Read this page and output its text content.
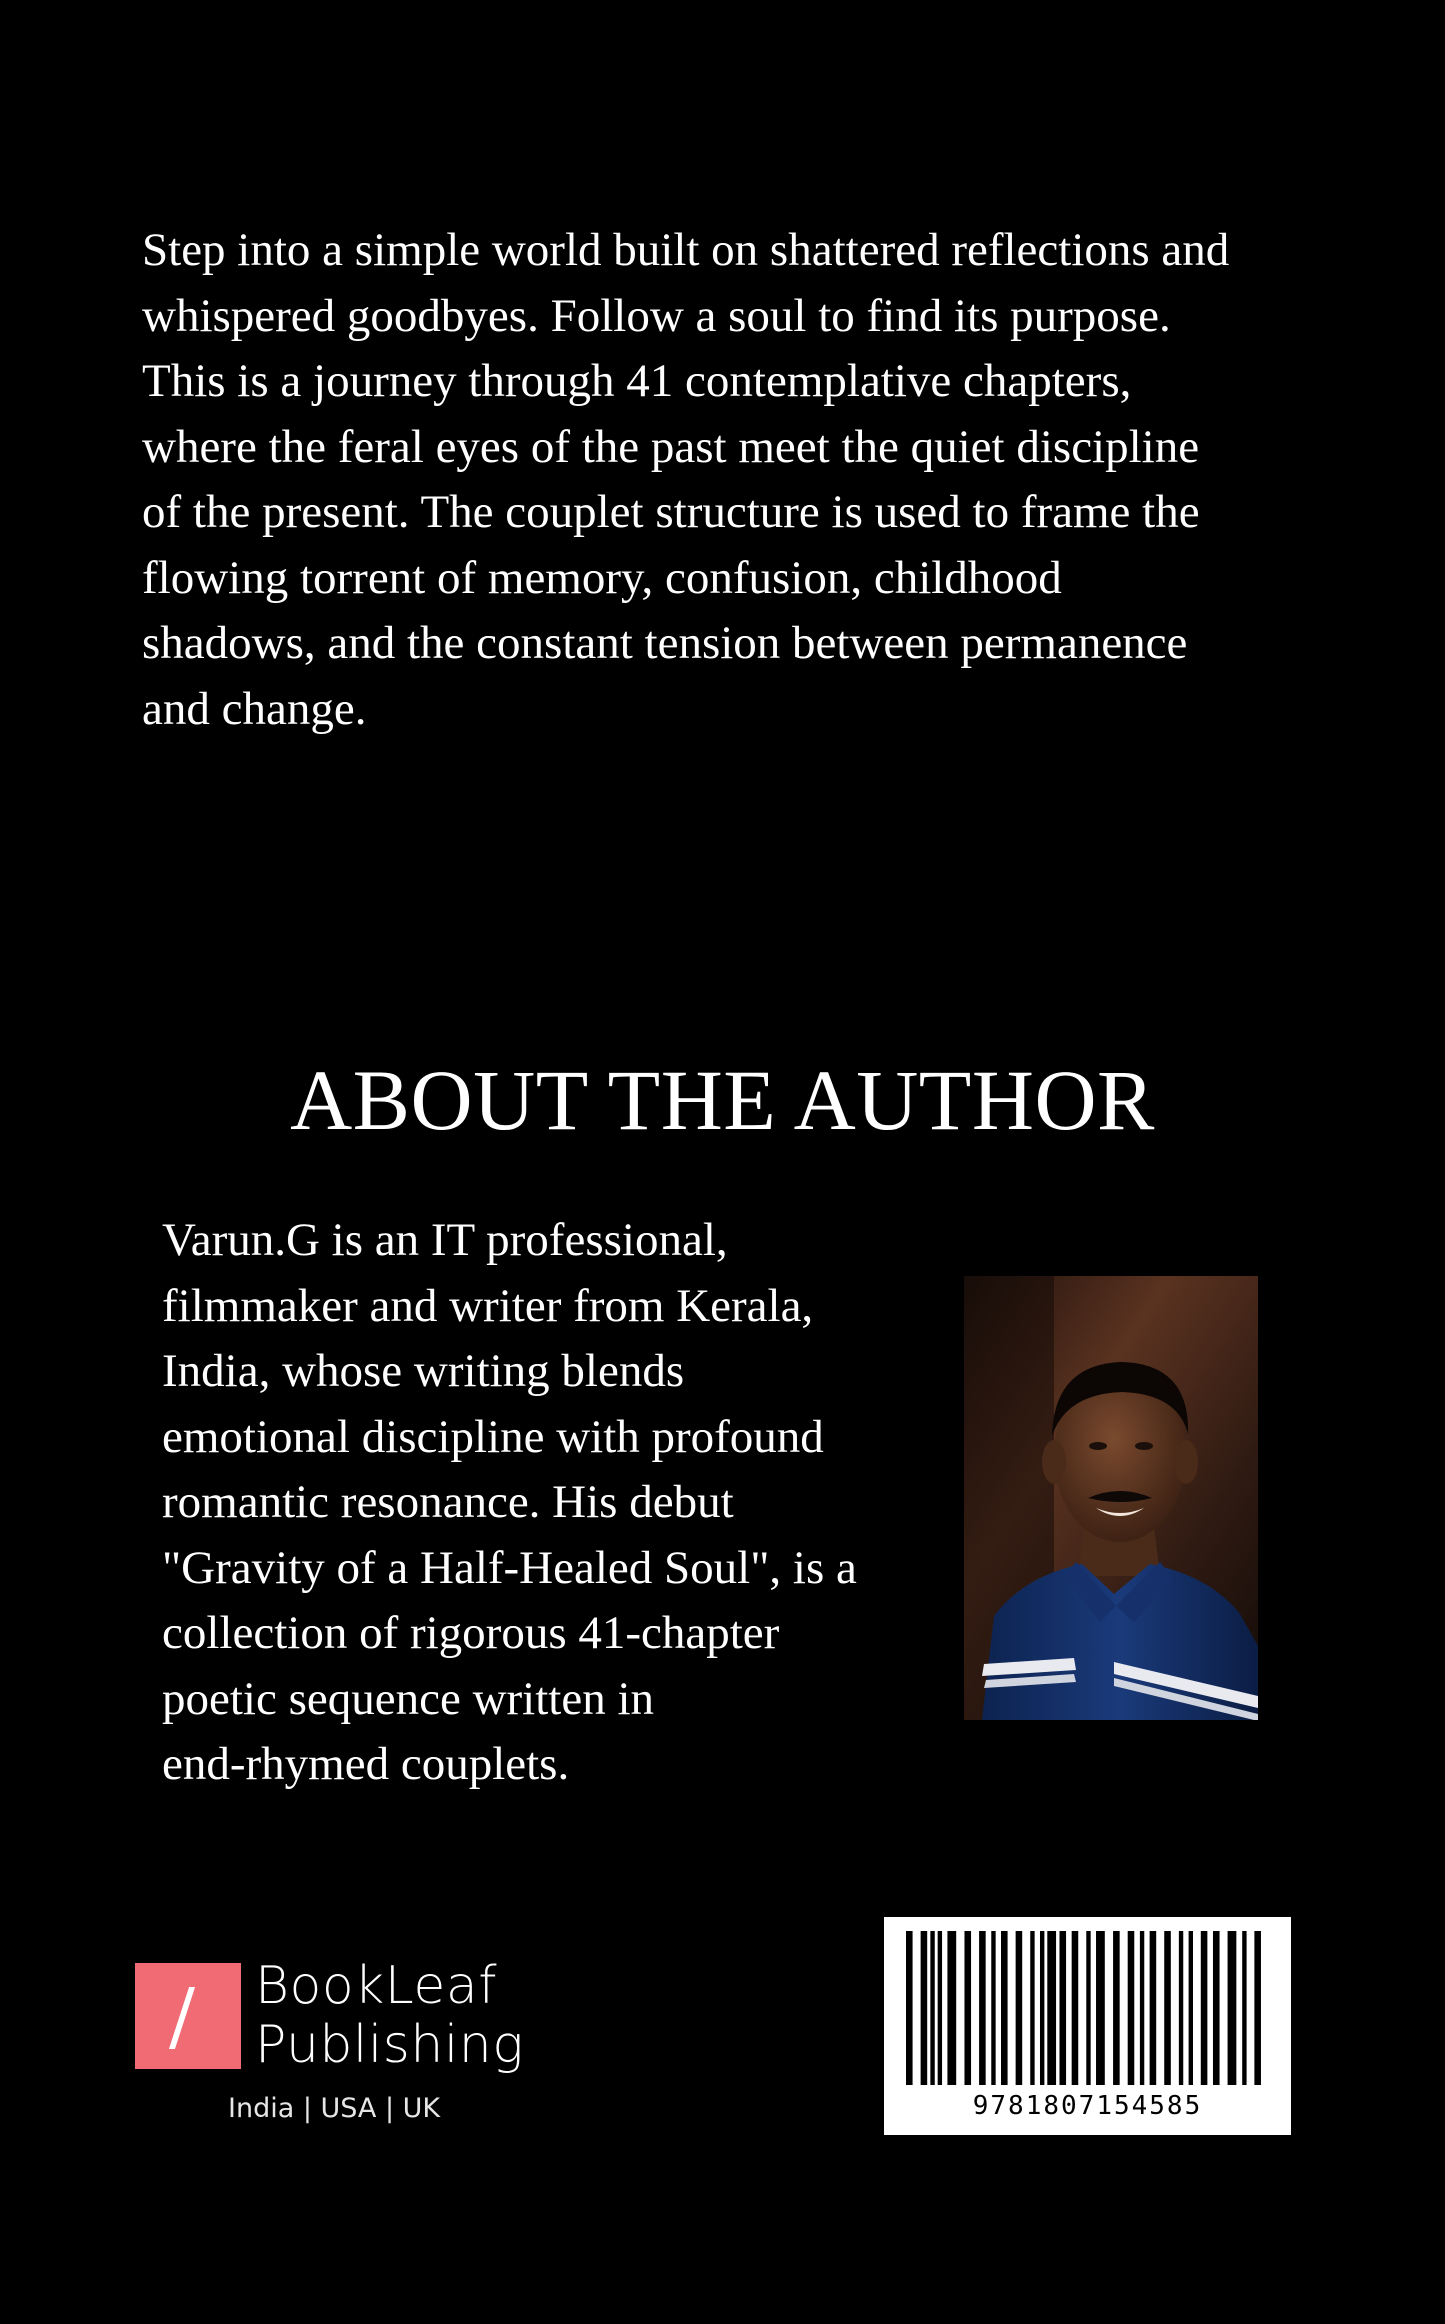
Step into a simple world built on shattered reflections and
whispered goodbyes. Follow a soul to find its purpose.
This is a journey through 41 contemplative chapters,
where the feral eyes of the past meet the quiet discipline
of the present. The couplet structure is used to frame the
flowing torrent of memory, confusion, childhood
shadows, and the constant tension between permanence
and change.
ABOUT THE AUTHOR
Varun.G is an IT professional,
filmmaker and writer from Kerala,
India, whose writing blends
emotional discipline with profound
romantic resonance. His debut
"Gravity of a Half-Healed Soul", is a
collection of rigorous 41-chapter
poetic sequence written in
end-rhymed couplets.
BookLeaf
Publishing
India | USA | UK	9781807154585
